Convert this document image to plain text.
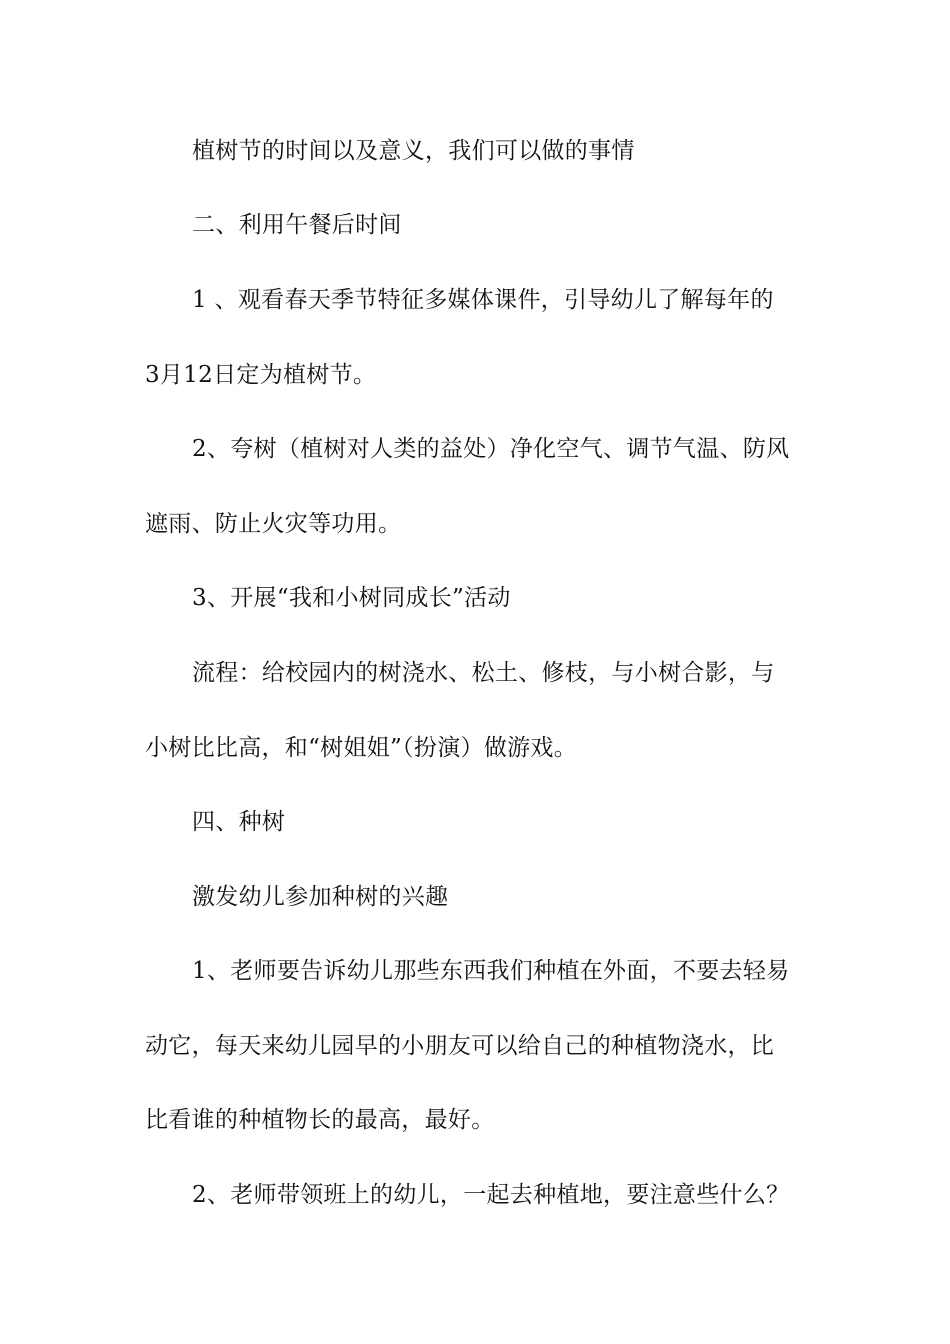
植树节的时间以及意义，我们可以做的事情
二、利用午餐后时间
1 、观看春天季节特征多媒体课件，引导幼儿了解每年的
3月12日定为植树节。
2、夸树（植树对人类的益处）净化空气、调节气温、防风
遮雨、防止火灾等功用。
3、开展“我和小树同成长”活动
流程：给校园内的树浇水、松土、修枝，与小树合影，与
小树比比高，和“树姐姐”（扮演）做游戏。
四、种树
激发幼儿参加种树的兴趣
1、老师要告诉幼儿那些东西我们种植在外面，不要去轻易
动它，每天来幼儿园早的小朋友可以给自己的种植物浇水，比
比看谁的种植物长的最高，最好。
2、老师带领班上的幼儿，一起去种植地，要注意些什么？
